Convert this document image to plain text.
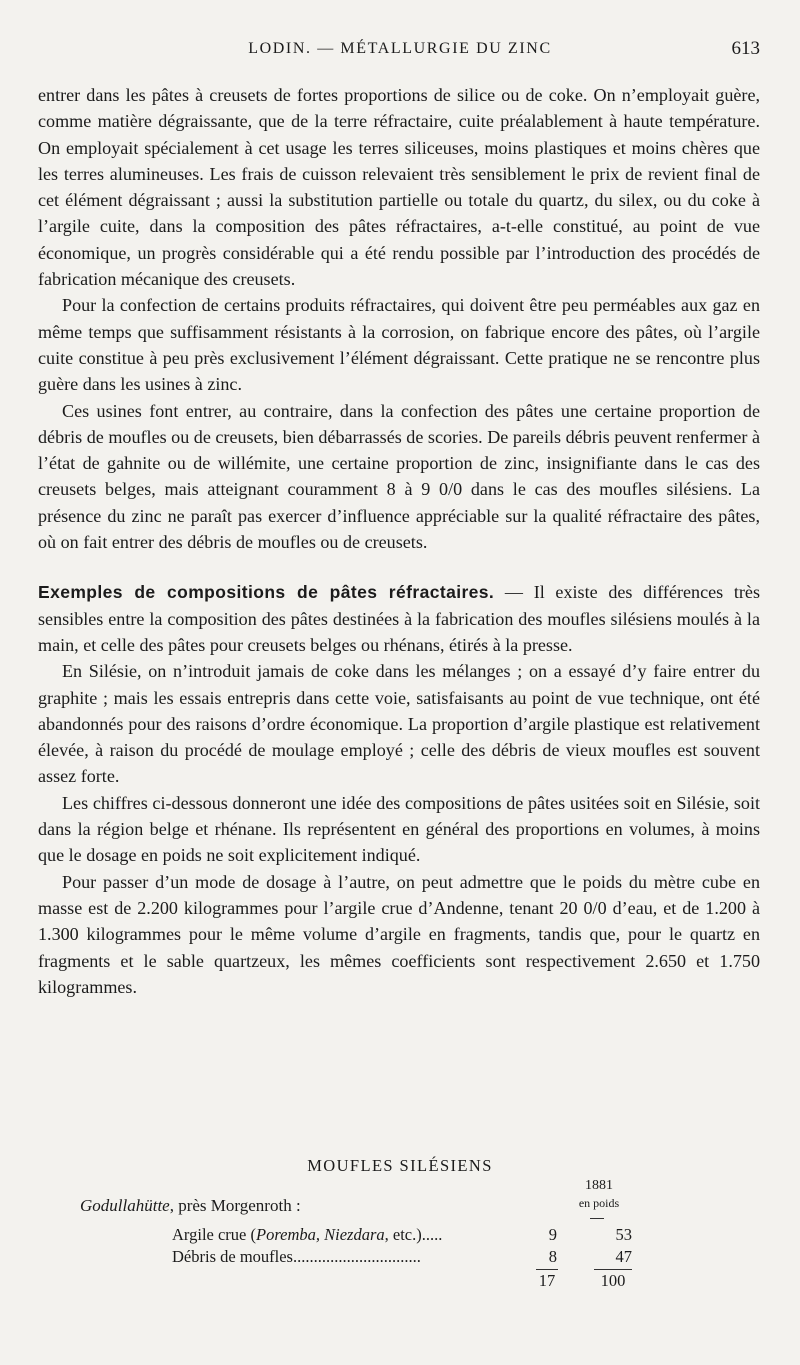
LODIN. — MÉTALLURGIE DU ZINC	613

entrer dans les pâtes à creusets de fortes proportions de silice ou de coke. On n’employait guère, comme matière dégraissante, que de la terre réfractaire, cuite préalablement à haute température. On employait spécialement à cet usage les terres siliceuses, moins plastiques et moins chères que les terres alumineuses. Les frais de cuisson relevaient très sensiblement le prix de revient final de cet élément dégraissant ; aussi la substitution partielle ou totale du quartz, du silex, ou du coke à l’argile cuite, dans la composition des pâtes réfractaires, a-t-elle constitué, au point de vue économique, un progrès considérable qui a été rendu possible par l’introduction des procédés de fabrication mécanique des creusets.

Pour la confection de certains produits réfractaires, qui doivent être peu perméables aux gaz en même temps que suffisamment résistants à la corrosion, on fabrique encore des pâtes, où l’argile cuite constitue à peu près exclusivement l’élément dégraissant. Cette pratique ne se rencontre plus guère dans les usines à zinc.

Ces usines font entrer, au contraire, dans la confection des pâtes une certaine proportion de débris de moufles ou de creusets, bien débarrassés de scories. De pareils débris peuvent renfermer à l’état de gahnite ou de willémite, une certaine proportion de zinc, insignifiante dans le cas des creusets belges, mais atteignant couramment 8 à 9 0/0 dans le cas des moufles silésiens. La présence du zinc ne paraît pas exercer d’influence appréciable sur la qualité réfractaire des pâtes, où on fait entrer des débris de moufles ou de creusets.

Exemples de compositions de pâtes réfractaires. — Il existe des différences très sensibles entre la composition des pâtes destinées à la fabrication des moufles silésiens moulés à la main, et celle des pâtes pour creusets belges ou rhénans, étirés à la presse.

En Silésie, on n’introduit jamais de coke dans les mélanges ; on a essayé d’y faire entrer du graphite ; mais les essais entrepris dans cette voie, satisfaisants au point de vue technique, ont été abandonnés pour des raisons d’ordre économique. La proportion d’argile plastique est relativement élevée, à raison du procédé de moulage employé ; celle des débris de vieux moufles est souvent assez forte.

Les chiffres ci-dessous donneront une idée des compositions de pâtes usitées soit en Silésie, soit dans la région belge et rhénane. Ils représentent en général des proportions en volumes, à moins que le dosage en poids ne soit explicitement indiqué.

Pour passer d’un mode de dosage à l’autre, on peut admettre que le poids du mètre cube en masse est de 2.200 kilogrammes pour l’argile crue d’Andenne, tenant 20 0/0 d’eau, et de 1.200 à 1.300 kilogrammes pour le même volume d’argile en fragments, tandis que, pour le quartz en fragments et le sable quartzeux, les mêmes coefficients sont respectivement 2.650 et 1.750 kilogrammes.

MOUFLES SILÉSIENS
1881
Godullahütte, près Morgenroth :	en poids
Argile crue (Poremba, Niezdara, etc.).....	9	53
Débris de moufles...............................	8	47
17	100
